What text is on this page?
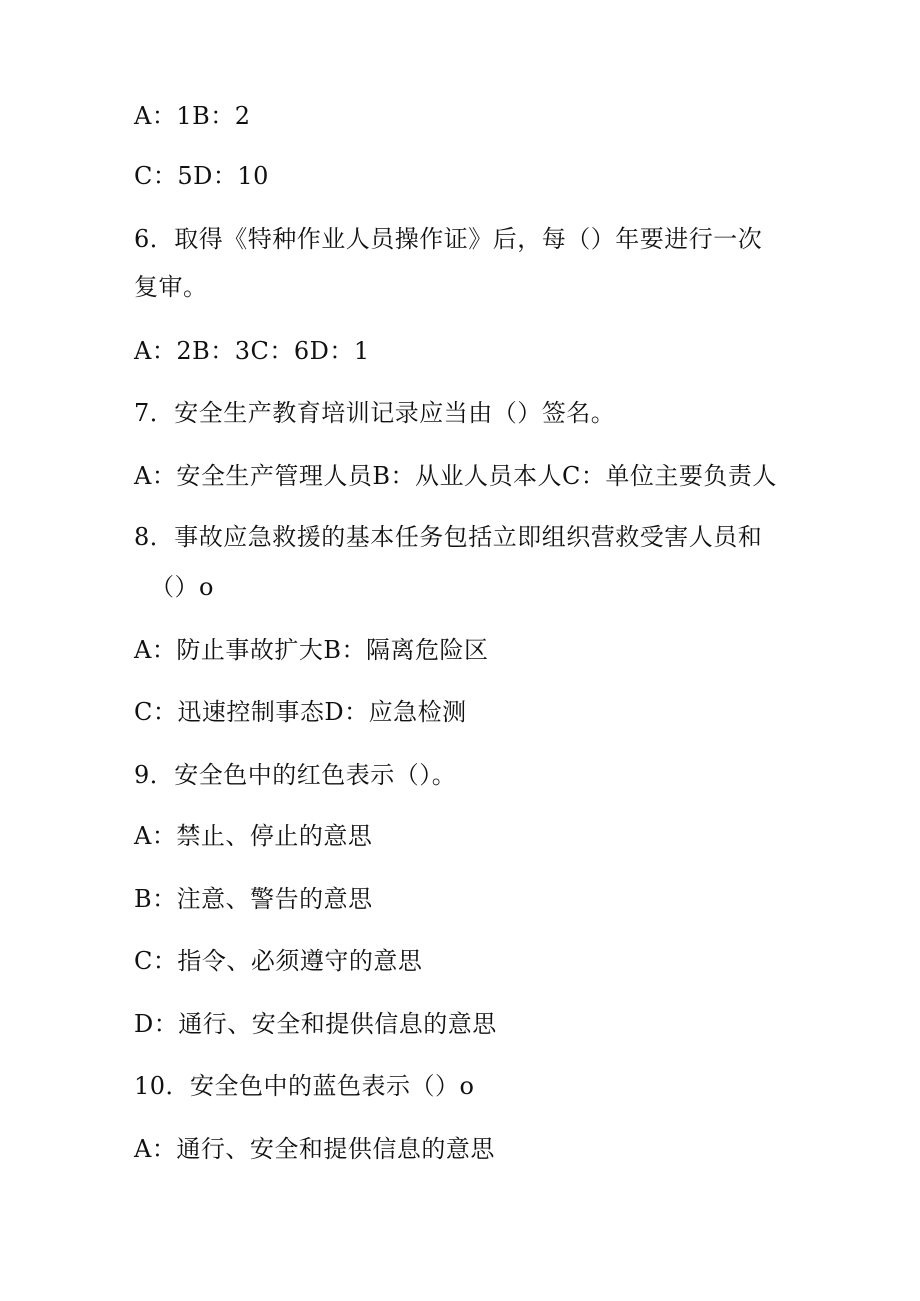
A：1B：2
C：5D：10
6．取得《特种作业人员操作证》后，每（）年要进行一次
复审。
A：2B：3C：6D：1
7．安全生产教育培训记录应当由（）签名。
A：安全生产管理人员B：从业人员本人C：单位主要负责人
8．事故应急救援的基本任务包括立即组织营救受害人员和
（）o
A：防止事故扩大B：隔离危险区
C：迅速控制事态D：应急检测
9．安全色中的红色表示（）。
A：禁止、停止的意思
B：注意、警告的意思
C：指令、必须遵守的意思
D：通行、安全和提供信息的意思
10．安全色中的蓝色表示（）o
A：通行、安全和提供信息的意思
